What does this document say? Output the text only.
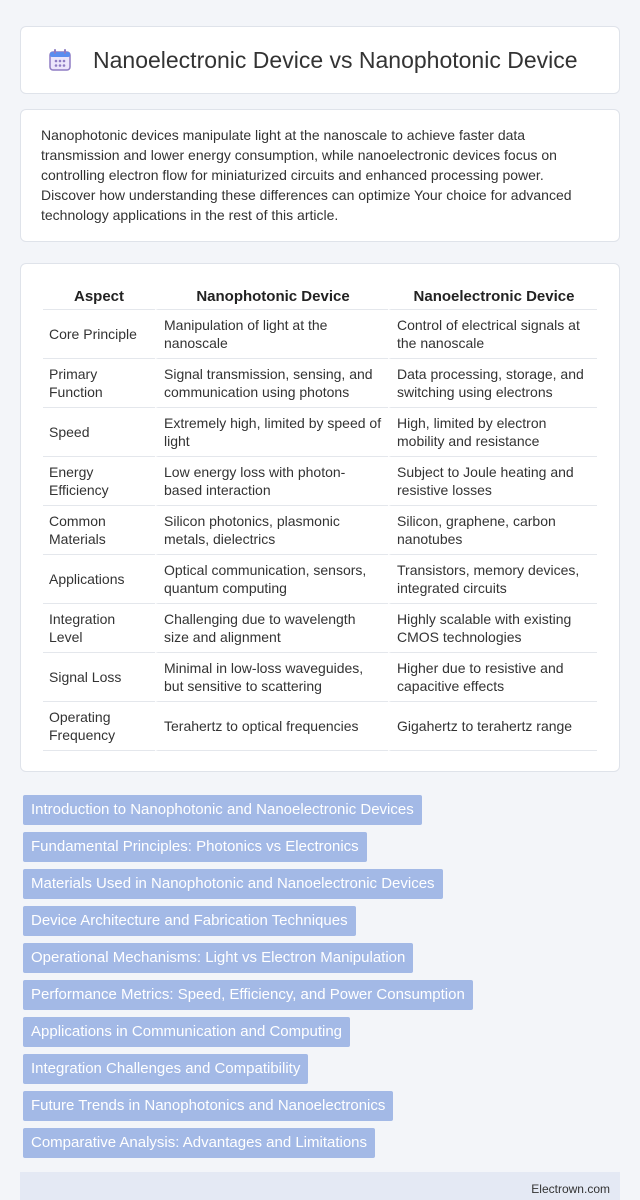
Nanoelectronic Device vs Nanophotonic Device

Nanophotonic devices manipulate light at the nanoscale to achieve faster data transmission and lower energy consumption, while nanoelectronic devices focus on controlling electron flow for miniaturized circuits and enhanced processing power. Discover how understanding these differences can optimize Your choice for advanced technology applications in the rest of this article.

Aspect	Nanophotonic Device	Nanoelectronic Device
Core Principle	Manipulation of light at the nanoscale	Control of electrical signals at the nanoscale
Primary Function	Signal transmission, sensing, and communication using photons	Data processing, storage, and switching using electrons
Speed	Extremely high, limited by speed of light	High, limited by electron mobility and resistance
Energy Efficiency	Low energy loss with photon-based interaction	Subject to Joule heating and resistive losses
Common Materials	Silicon photonics, plasmonic metals, dielectrics	Silicon, graphene, carbon nanotubes
Applications	Optical communication, sensors, quantum computing	Transistors, memory devices, integrated circuits
Integration Level	Challenging due to wavelength size and alignment	Highly scalable with existing CMOS technologies
Signal Loss	Minimal in low-loss waveguides, but sensitive to scattering	Higher due to resistive and capacitive effects
Operating Frequency	Terahertz to optical frequencies	Gigahertz to terahertz range
Introduction to Nanophotonic and Nanoelectronic Devices
Fundamental Principles: Photonics vs Electronics
Materials Used in Nanophotonic and Nanoelectronic Devices
Device Architecture and Fabrication Techniques
Operational Mechanisms: Light vs Electron Manipulation
Performance Metrics: Speed, Efficiency, and Power Consumption
Applications in Communication and Computing
Integration Challenges and Compatibility
Future Trends in Nanophotonics and Nanoelectronics
Comparative Analysis: Advantages and Limitations
Electrown.com
